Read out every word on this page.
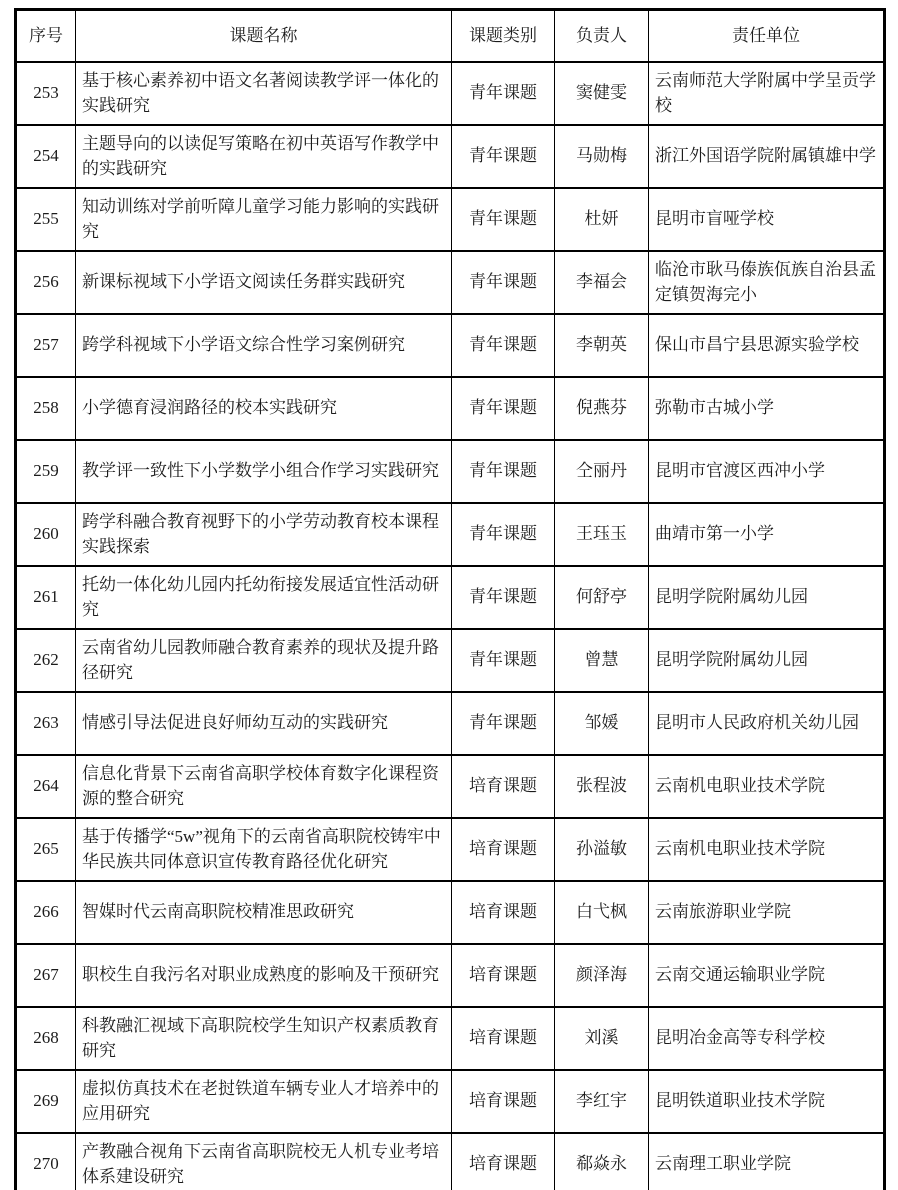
序号	课题名称	课题类别	负责人	责任单位
253	基于核心素养初中语文名著阅读教学评一体化的实践研究	青年课题	窦健雯	云南师范大学附属中学呈贡学校
254	主题导向的以读促写策略在初中英语写作教学中的实践研究	青年课题	马勋梅	浙江外国语学院附属镇雄中学
255	知动训练对学前听障儿童学习能力影响的实践研究	青年课题	杜妍	昆明市盲哑学校
256	新课标视域下小学语文阅读任务群实践研究	青年课题	李福会	临沧市耿马傣族佤族自治县孟定镇贺海完小
257	跨学科视域下小学语文综合性学习案例研究	青年课题	李朝英	保山市昌宁县思源实验学校
258	小学德育浸润路径的校本实践研究	青年课题	倪燕芬	弥勒市古城小学
259	教学评一致性下小学数学小组合作学习实践研究	青年课题	仝丽丹	昆明市官渡区西冲小学
260	跨学科融合教育视野下的小学劳动教育校本课程实践探索	青年课题	王珏玉	曲靖市第一小学
261	托幼一体化幼儿园内托幼衔接发展适宜性活动研究	青年课题	何舒亭	昆明学院附属幼儿园
262	云南省幼儿园教师融合教育素养的现状及提升路径研究	青年课题	曾慧	昆明学院附属幼儿园
263	情感引导法促进良好师幼互动的实践研究	青年课题	邹媛	昆明市人民政府机关幼儿园
264	信息化背景下云南省高职学校体育数字化课程资源的整合研究	培育课题	张程波	云南机电职业技术学院
265	基于传播学“5w”视角下的云南省高职院校铸牢中华民族共同体意识宣传教育路径优化研究	培育课题	孙溢敏	云南机电职业技术学院
266	智媒时代云南高职院校精准思政研究	培育课题	白弋枫	云南旅游职业学院
267	职校生自我污名对职业成熟度的影响及干预研究	培育课题	颜泽海	云南交通运输职业学院
268	科教融汇视域下高职院校学生知识产权素质教育研究	培育课题	刘溪	昆明冶金高等专科学校
269	虚拟仿真技术在老挝铁道车辆专业人才培养中的应用研究	培育课题	李红宇	昆明铁道职业技术学院
270	产教融合视角下云南省高职院校无人机专业考培体系建设研究	培育课题	郗焱永	云南理工职业学院
